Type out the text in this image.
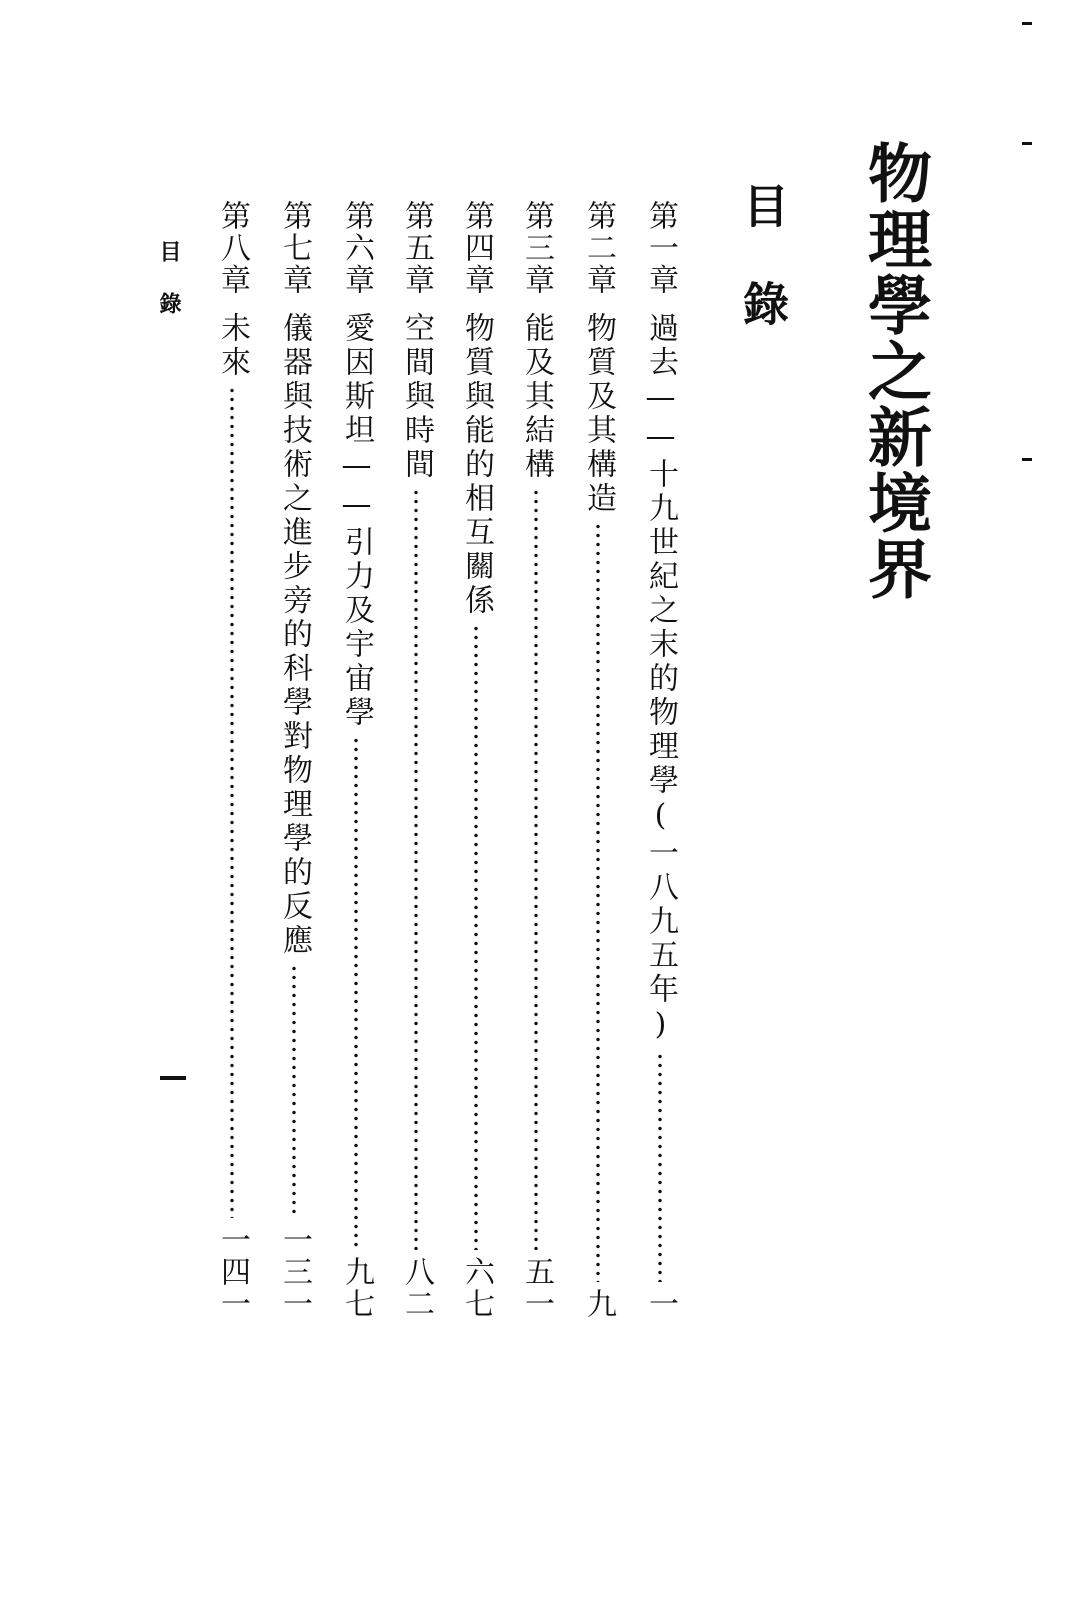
物理學之新境界
目錄
第一章
過去——十九世紀之末的物理學(一八九五年)
一
第二章
物質及其構造
九
第三章
能及其結構
五一
第四章
物質與能的相互關係
六七
第五章
空間與時間
八二
第六章
愛因斯坦——引力及宇宙學
九七
第七章
儀器與技術之進步旁的科學對物理學的反應
一三一
第八章
未來
一四一
目錄
